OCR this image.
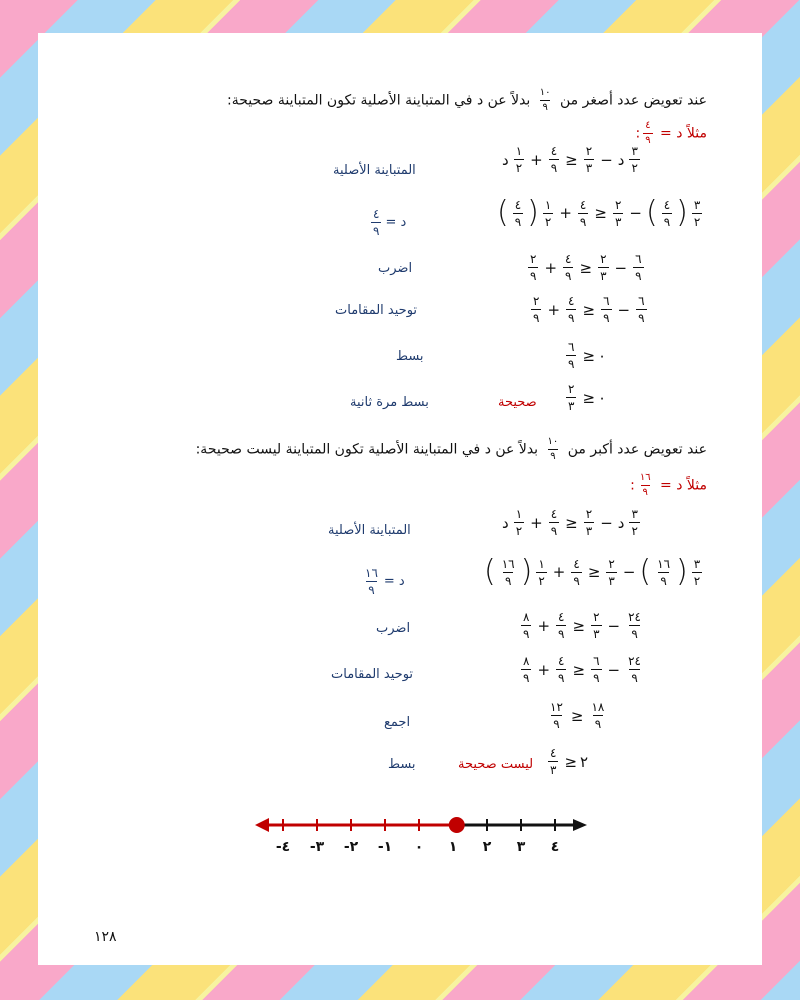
عند تعويض عدد أصغر من
$\frac{١٠}{٩}$
بدلاً عن د في المتباينة الأصلية تكون المتباينة صحيحة:
مثلاً د =
$\frac{٤}{٩}$
:
د $\frac{١}{٢} + \frac{٤}{٩} \ge \frac{٢}{٣}$ − د $\frac{٣}{٢}$
المتباينة الأصلية
( $\frac{٤}{٩}$ ) $\frac{١}{٢} + \frac{٤}{٩} \ge \frac{٢}{٣}$ − ( $\frac{٤}{٩}$ ) $\frac{٣}{٢}$
د =
$\frac{٤}{٩}$
$\frac{٢}{٩} + \frac{٤}{٩} \ge \frac{٢}{٣} - \frac{٦}{٩}$
اضرب
$\frac{٢}{٩} + \frac{٤}{٩} \ge \frac{٦}{٩} - \frac{٦}{٩}$
توحيد المقامات
$\frac{٦}{٩}$ ≥ ٠
بسط
$\frac{٢}{٣}$ ≥ ٠
صحيحة
بسط مرة ثانية
عند تعويض عدد أكبر من
$\frac{١٠}{٩}$
بدلاً عن د في المتباينة الأصلية تكون المتباينة ليست صحيحة:
مثلاً د =
$\frac{١٦}{٩}$
:
د $\frac{١}{٢} + \frac{٤}{٩} \ge \frac{٢}{٣}$ − د $\frac{٣}{٢}$
المتباينة الأصلية
( $\frac{١٦}{٩}$ ) $\frac{١}{٢} + \frac{٤}{٩} \ge \frac{٢}{٣}$ − ( $\frac{١٦}{٩}$ ) $\frac{٣}{٢}$
د =
$\frac{١٦}{٩}$
$\frac{٨}{٩} + \frac{٤}{٩} \ge \frac{٢}{٣} - \frac{٢٤}{٩}$
اضرب
$\frac{٨}{٩} + \frac{٤}{٩} \ge \frac{٦}{٩} - \frac{٢٤}{٩}$
توحيد المقامات
$\frac{١٢}{٩} \ge \frac{١٨}{٩}$
اجمع
$\frac{٤}{٣}$ ≥ ٢
ليست صحيحة
بسط
-٤ -٣ -٢ -١ ٠ ١ ٢ ٣ ٤
١٢٨
